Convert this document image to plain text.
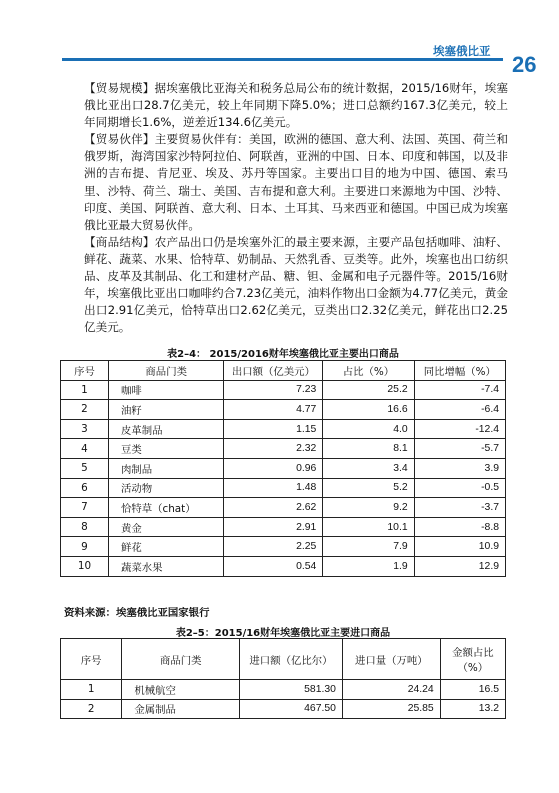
埃塞俄比亚
26

【贸易规模】据埃塞俄比亚海关和税务总局公布的统计数据，2015/16财年，埃塞俄比亚出口28.7亿美元，较上年同期下降5.0%；进口总额约167.3亿美元，较上年同期增长1.6%，逆差近134.6亿美元。

【贸易伙伴】主要贸易伙伴有：美国，欧洲的德国、意大利、法国、英国、荷兰和俄罗斯，海湾国家沙特阿拉伯、阿联酋，亚洲的中国、日本、印度和韩国，以及非洲的吉布提、肯尼亚、埃及、苏丹等国家。主要出口目的地为中国、德国、索马里、沙特、荷兰、瑞士、美国、吉布提和意大利。主要进口来源地为中国、沙特、印度、美国、阿联酋、意大利、日本、土耳其、马来西亚和德国。中国已成为埃塞俄比亚最大贸易伙伴。

【商品结构】农产品出口仍是埃塞外汇的最主要来源，主要产品包括咖啡、油籽、鲜花、蔬菜、水果、恰特草、奶制品、天然乳香、豆类等。此外，埃塞也出口纺织品、皮革及其制品、化工和建材产品、糖、钽、金属和电子元器件等。2015/16财年，埃塞俄比亚出口咖啡约合7.23亿美元，油料作物出口金额为4.77亿美元，黄金出口2.91亿美元，恰特草出口2.62亿美元，豆类出口2.32亿美元，鲜花出口2.25亿美元。

表2–4： 2015/2016财年埃塞俄比亚主要出口商品
序号	商品门类	出口额（亿美元）	占比（%）	同比增幅（%）
1	咖啡	7.23	25.2	-7.4
2	油籽	4.77	16.6	-6.4
3	皮革制品	1.15	4.0	-12.4
4	豆类	2.32	8.1	-5.7
5	肉制品	0.96	3.4	3.9
6	活动物	1.48	5.2	-0.5
7	恰特草（chat）	2.62	9.2	-3.7
8	黄金	2.91	10.1	-8.8
9	鲜花	2.25	7.9	10.9
10	蔬菜水果	0.54	1.9	12.9
资料来源：埃塞俄比亚国家银行
表2–5：2015/16财年埃塞俄比亚主要进口商品
序号	商品门类	进口额（亿比尔）	进口量（万吨）	金额占比（%）
1	机械航空	581.30	24.24	16.5
2	金属制品	467.50	25.85	13.2
